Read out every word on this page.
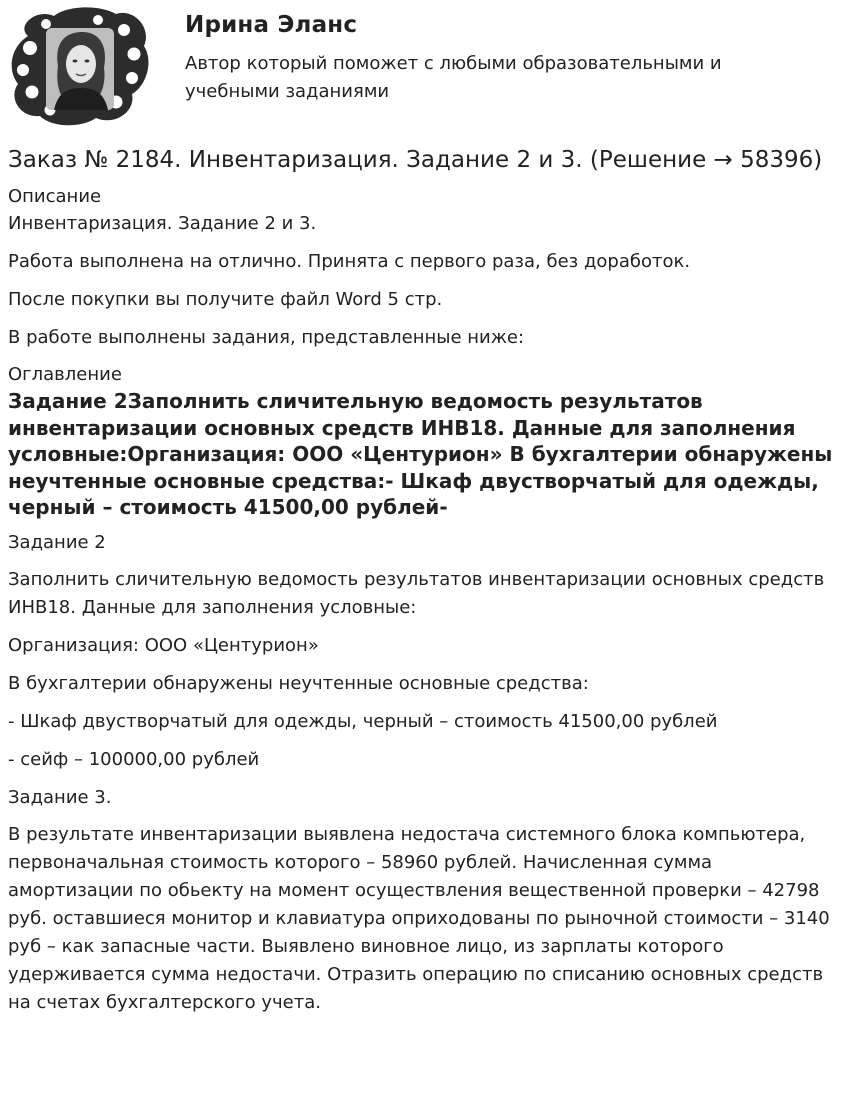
Ирина Эланс
Автор который поможет с любыми образовательными и учебными заданиями
Заказ № 2184. Инвентаризация. Задание 2 и 3. (Решение → 58396)
Описание
Инвентаризация. Задание 2 и 3.
Работа выполнена на отлично. Принята с первого раза, без доработок.
После покупки вы получите файл Word 5 стр.
В работе выполнены задания, представленные ниже:
Оглавление
Задание 2Заполнить сличительную ведомость результатов инвентаризации основных средств ИНВ18. Данные для заполнения условные:Организация: ООО «Центурион» В бухгалтерии обнаружены неучтенные основные средства:- Шкаф двустворчатый для одежды, черный – стоимость 41500,00 рублей-
Задание 2
Заполнить сличительную ведомость результатов инвентаризации основных средств ИНВ18. Данные для заполнения условные:
Организация: ООО «Центурион»
В бухгалтерии обнаружены неучтенные основные средства:
- Шкаф двустворчатый для одежды, черный – стоимость 41500,00 рублей
- сейф – 100000,00 рублей
Задание 3.
В результате инвентаризации выявлена недостача системного блока компьютера, первоначальная стоимость которого – 58960 рублей. Начисленная сумма амортизации по обьекту на момент осуществления вещественной проверки – 42798 руб. оставшиеся монитор и клавиатура оприходованы по рыночной стоимости – 3140 руб – как запасные части. Выявлено виновное лицо, из зарплаты которого удерживается сумма недостачи. Отразить операцию по списанию основных средств на счетах бухгалтерского учета.
